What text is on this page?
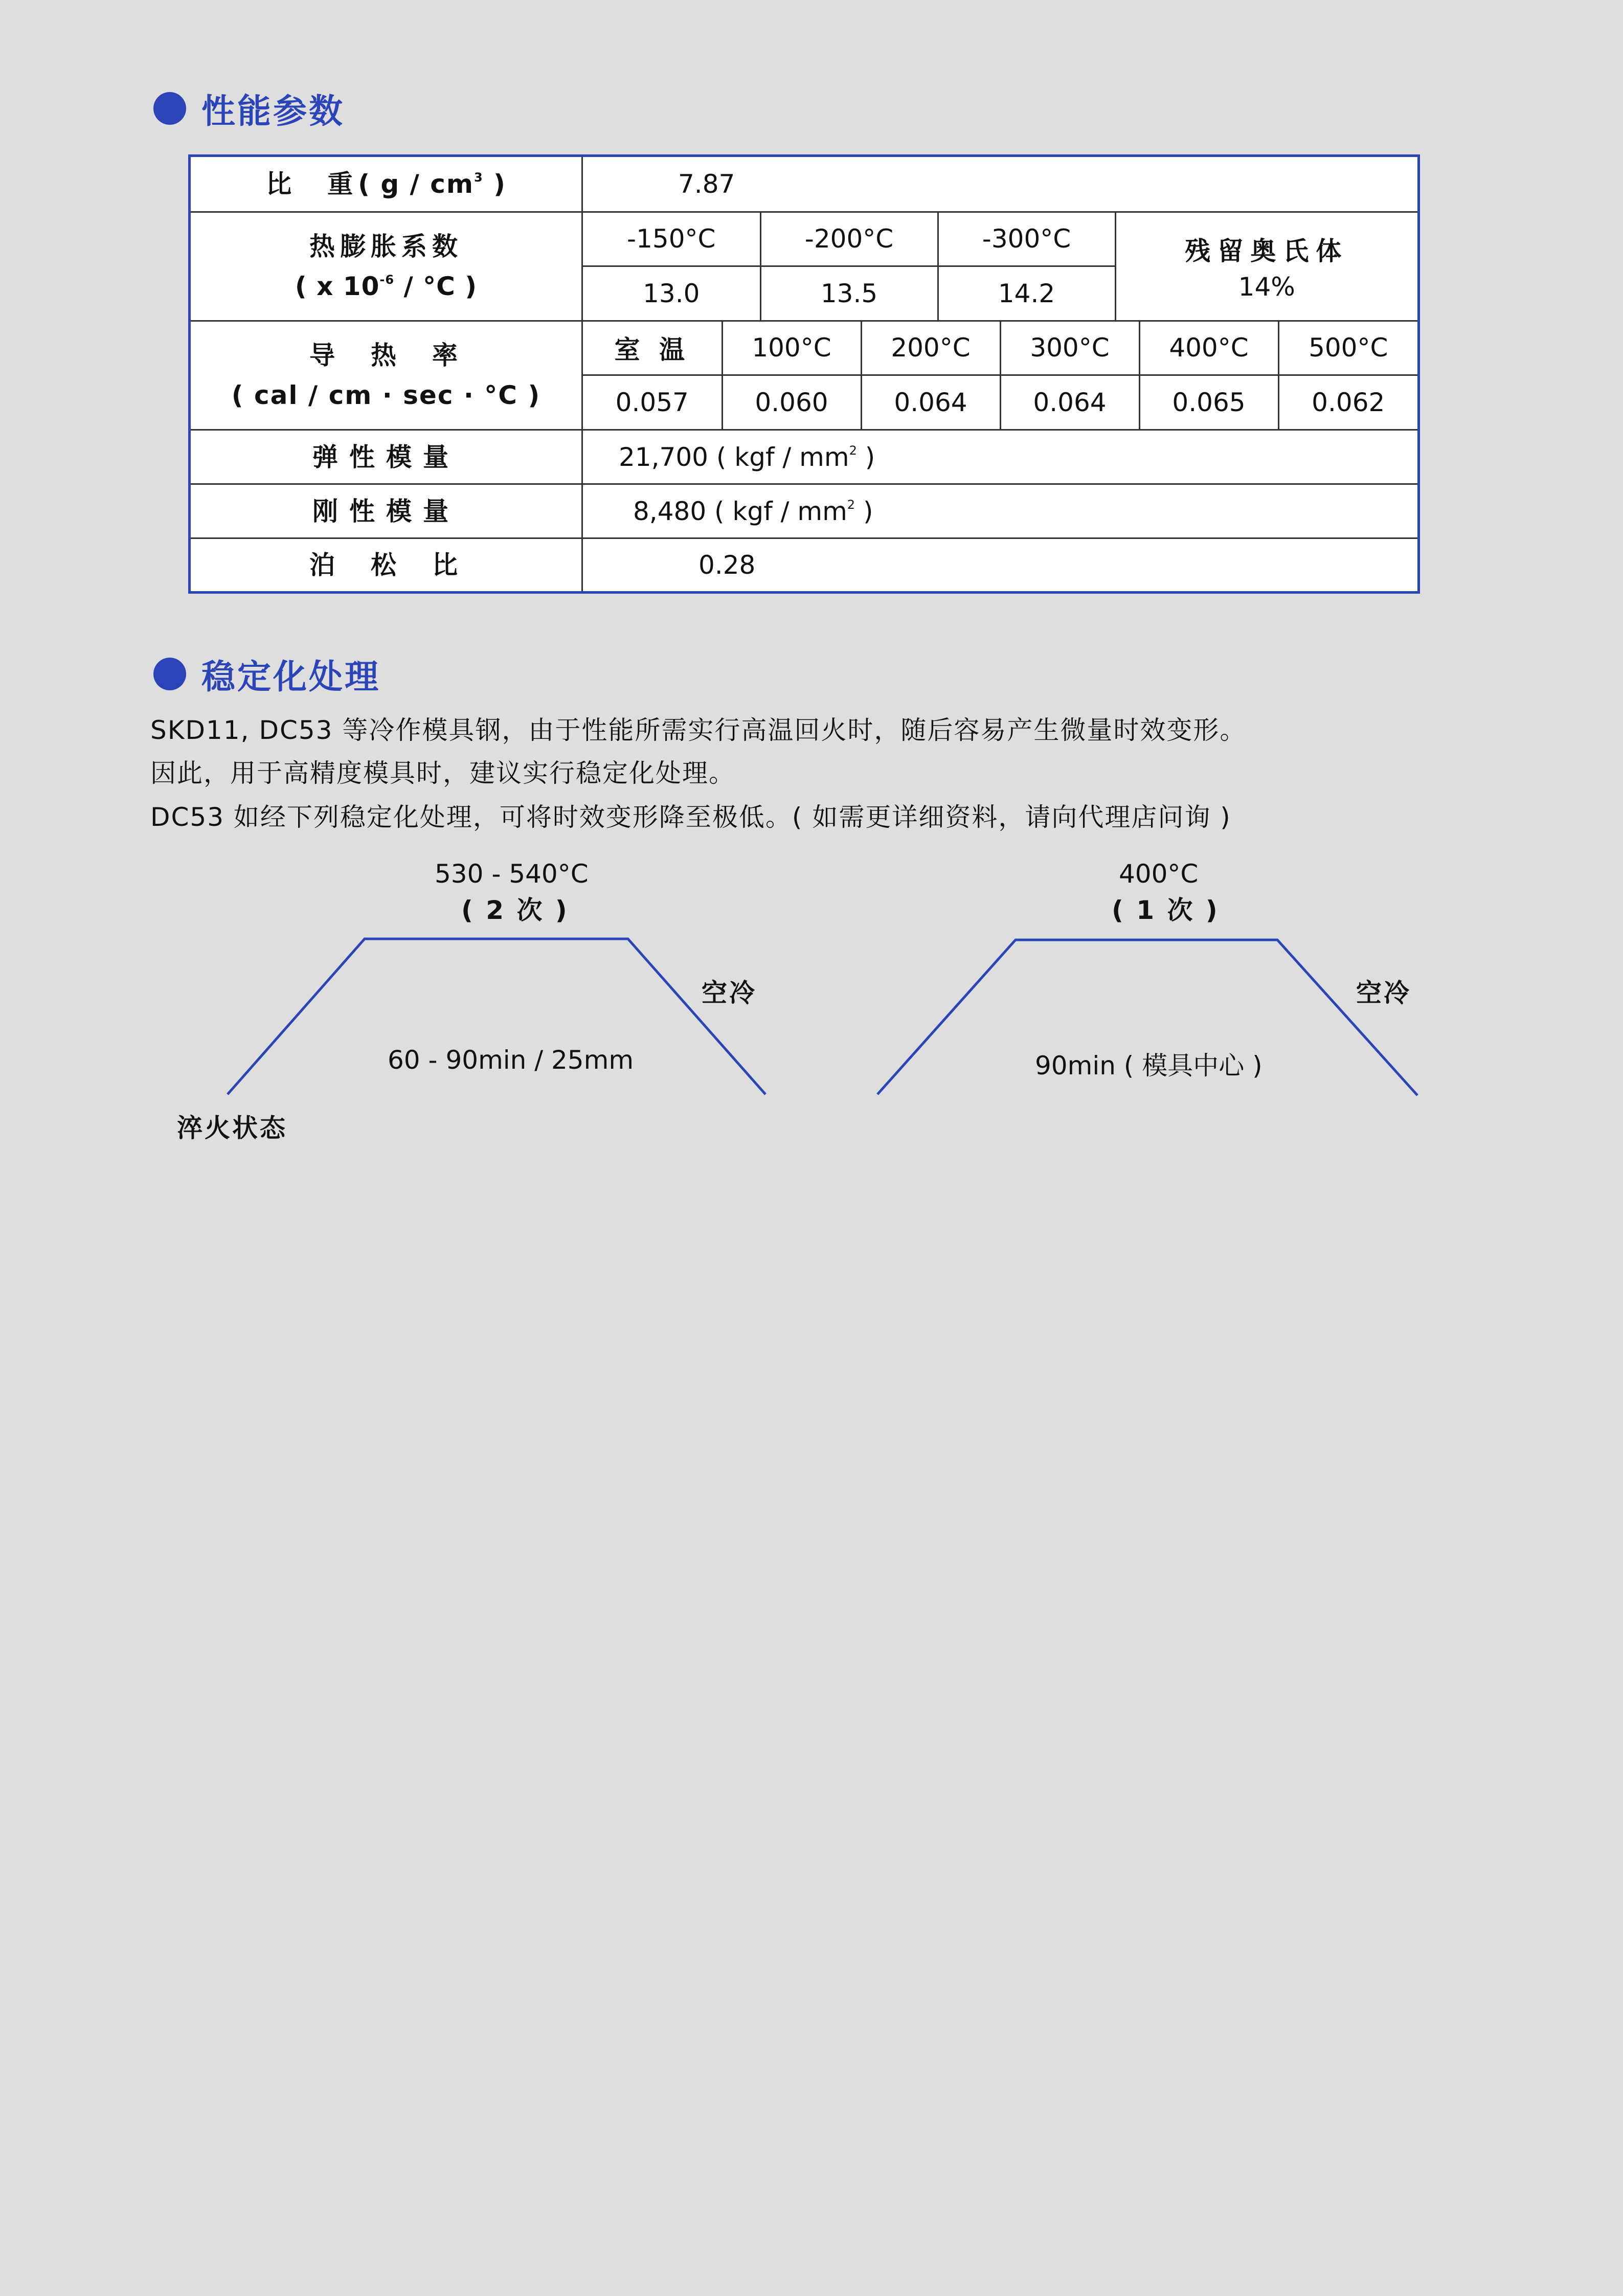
性能参数
比　重( g / $cm^3$ )	7.87

热膨胀系数
( x $10^{-6} / ^\circ C$ )

-150°C	-200°C	-300°C	残留奥氏体
14%

13.0	13.5	14.2

导　热　率
( cal / cm · sec · °C )

室 温	100°C	200°C	300°C	400°C	500°C
0.057	0.060	0.064	0.064	0.065	0.062

弹性模量	21,700 ( kgf / $mm^2$ )
刚性模量	8,480 ( kgf / $mm^2$ )
泊　松　比	0.28
稳定化处理
SKD11, DC53 等冷作模具钢，由于性能所需实行高温回火时，随后容易产生微量时效变形。
因此，用于高精度模具时，建议实行稳定化处理。
DC53 如经下列稳定化处理，可将时效变形降至极低。( 如需更详细资料，请向代理店问询 )
530 - 540°C
( 2 次 )
空冷
60 - 90min / 25mm
淬火状态
400°C
( 1 次 )
空冷
90min ( 模具中心 )
